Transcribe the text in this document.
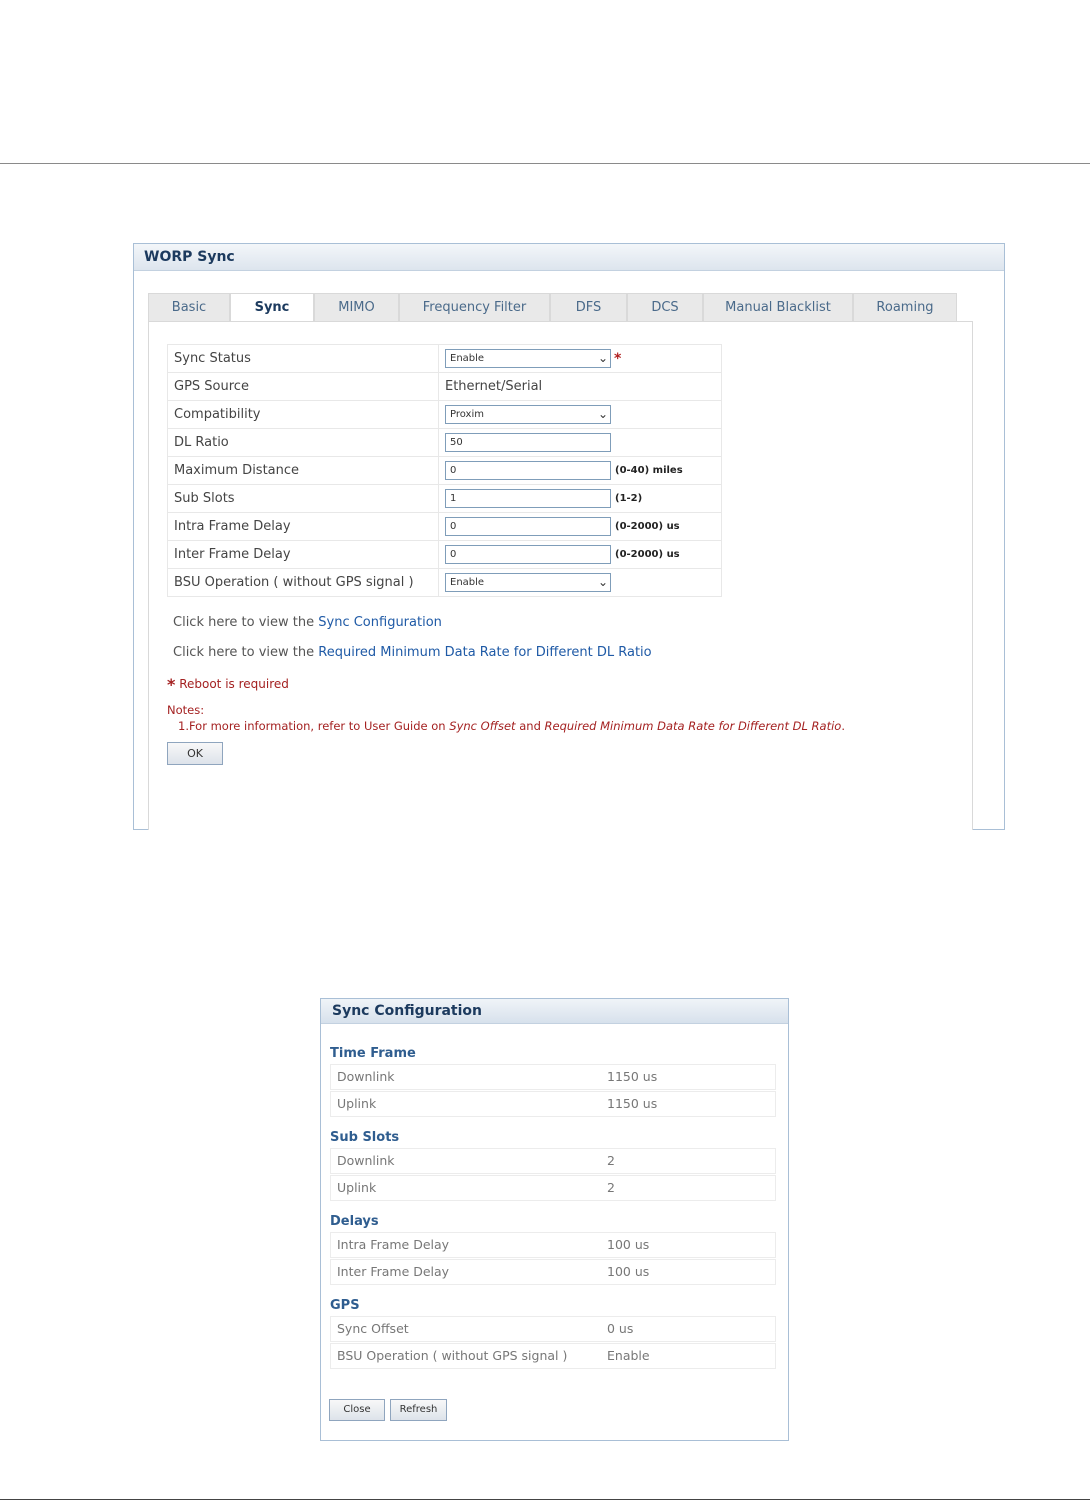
WORP Sync
Basic	Sync	MIMO	Frequency Filter	DFS	DCS	Manual Blacklist	Roaming
Sync Status	Enable ⌄ *
GPS Source	Ethernet/Serial
Compatibility	Proxim ⌄

DL Ratio	50
Maximum Distance	0 (0-40) miles
Sub Slots	1 (1-2)
Intra Frame Delay	0 (0-2000) us
Inter Frame Delay	0 (0-2000) us
BSU Operation ( without GPS signal )	Enable ⌄
Click here to view the Sync Configuration
Click here to view the Required Minimum Data Rate for Different DL Ratio
* Reboot is required
Notes:
1.For more information, refer to User Guide on Sync Offset and Required Minimum Data Rate for Different DL Ratio.
OK
Sync Configuration
Time Frame
Downlink	1150 us
Uplink	1150 us
Sub Slots
Downlink	2
Uplink	2
Delays
Intra Frame Delay	100 us
Inter Frame Delay	100 us
GPS
Sync Offset	0 us
BSU Operation ( without GPS signal )	Enable
Close	Refresh
